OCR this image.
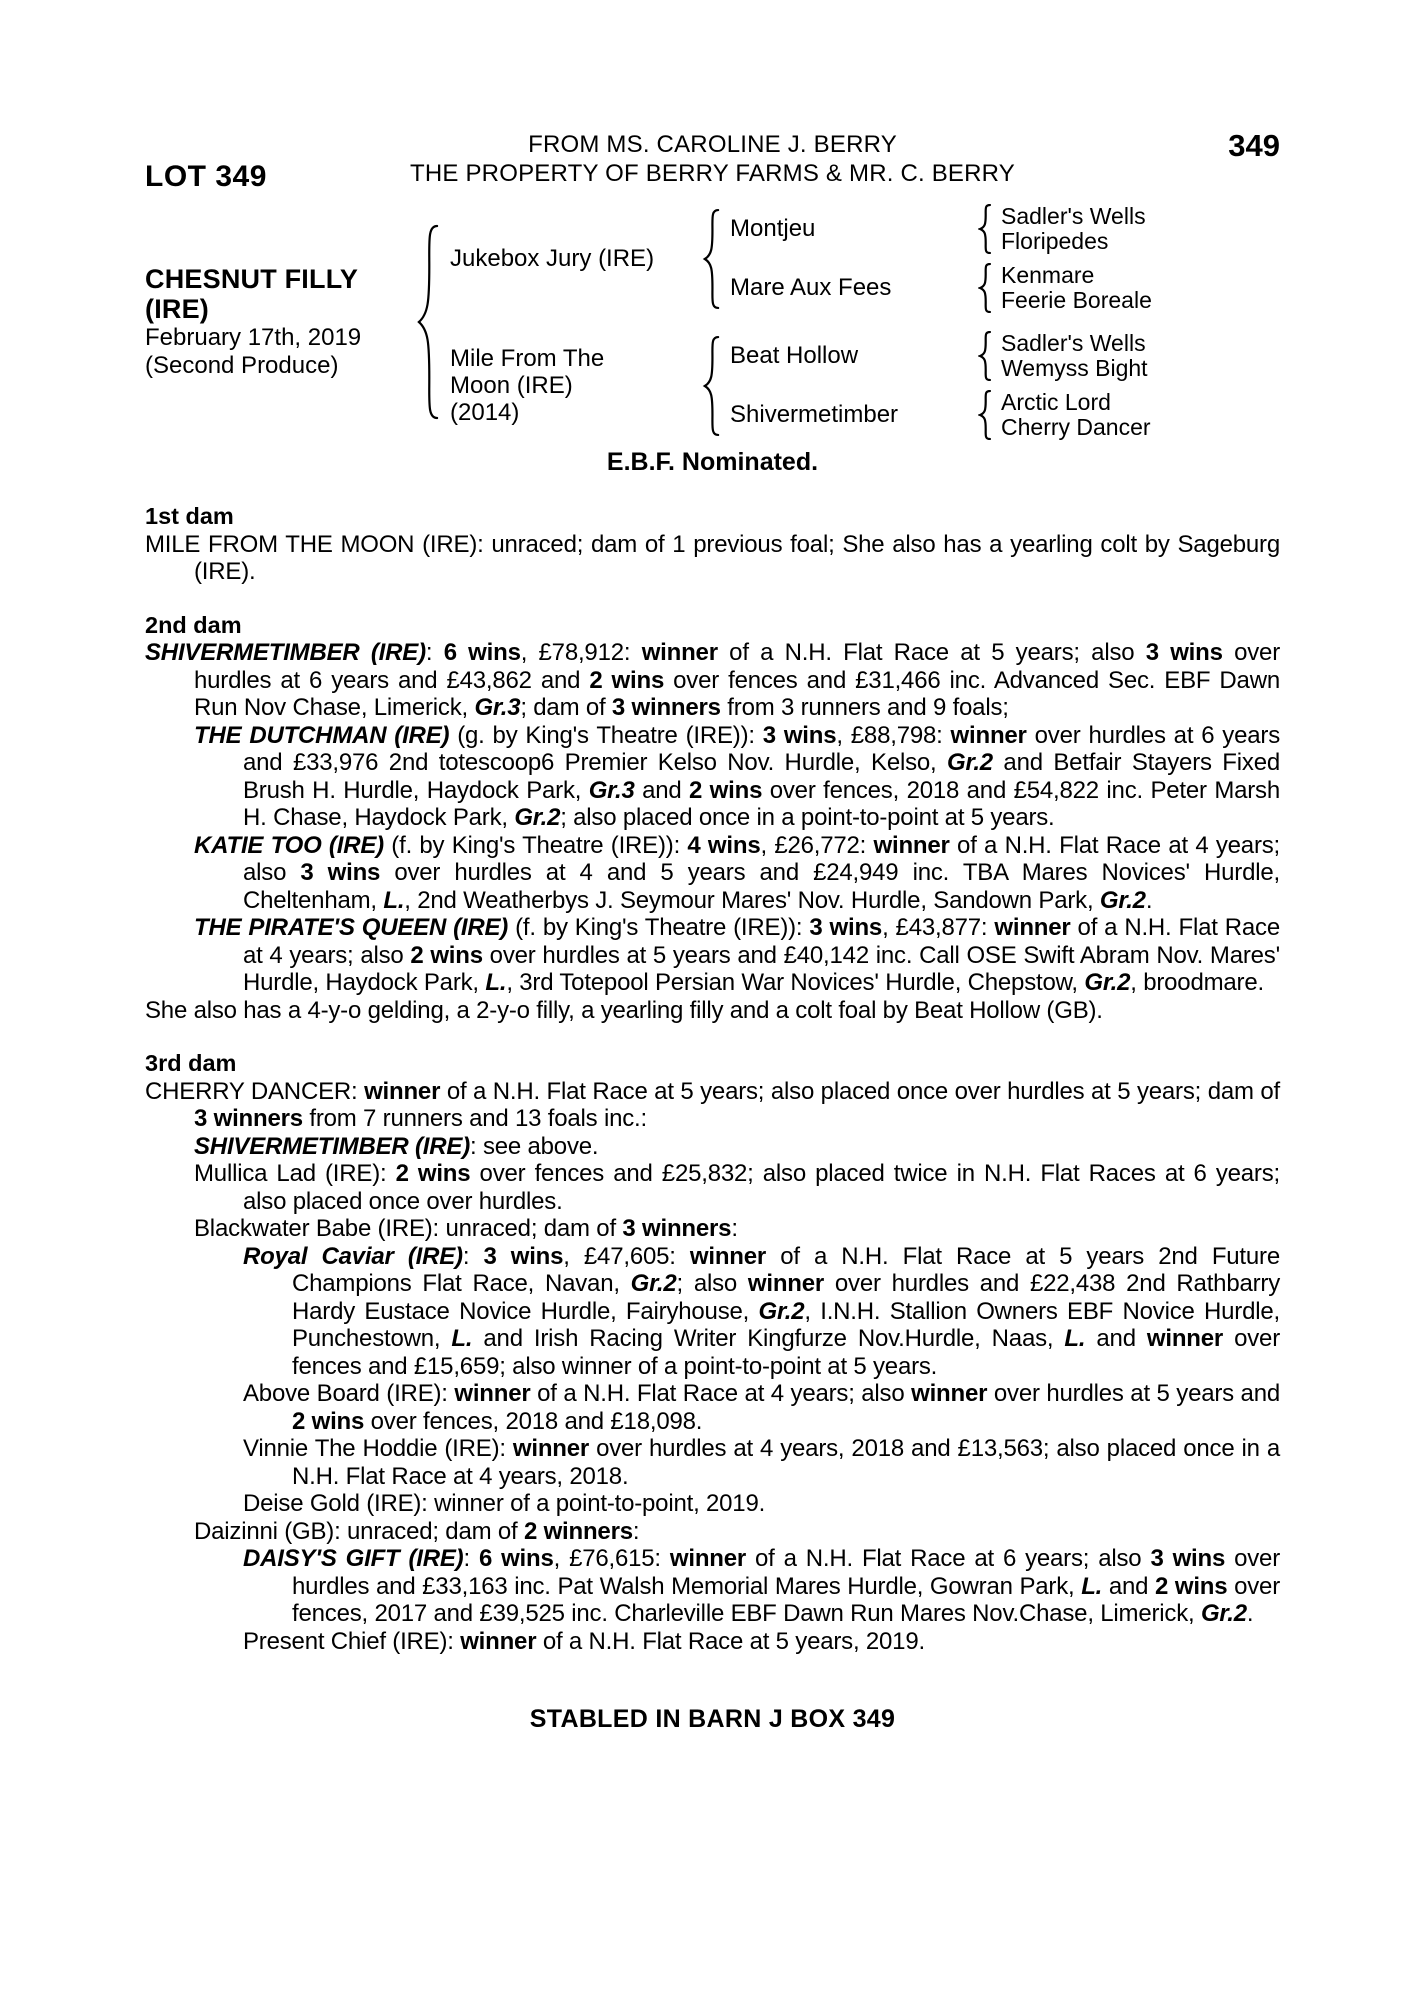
LOT 349
FROM MS. CAROLINE J. BERRY
THE PROPERTY OF BERRY FARMS & MR. C. BERRY
349
CHESNUT FILLY
(IRE)
February 17th, 2019
(Second Produce)
Jukebox Jury (IRE)
Montjeu	Sadler's Wells
Floripedes
Mare Aux Fees	Kenmare
Feerie Boreale
Mile From The
Moon (IRE)
(2014)
Beat Hollow	Sadler's Wells
Wemyss Bight
Shivermetimber	Arctic Lord
Cherry Dancer
E.B.F. Nominated.
1st dam

MILE FROM THE MOON (IRE): unraced; dam of 1 previous foal; She also has a yearling colt by Sageburg (IRE).

2nd dam

SHIVERMETIMBER (IRE): 6 wins, £78,912: winner of a N.H. Flat Race at 5 years; also 3 wins over hurdles at 6 years and £43,862 and 2 wins over fences and £31,466 inc. Advanced Sec. EBF Dawn Run Nov Chase, Limerick, Gr.3; dam of 3 winners from 3 runners and 9 foals;

THE DUTCHMAN (IRE) (g. by King's Theatre (IRE)): 3 wins, £88,798: winner over hurdles at 6 years and £33,976 2nd totescoop6 Premier Kelso Nov. Hurdle, Kelso, Gr.2 and Betfair Stayers Fixed Brush H. Hurdle, Haydock Park, Gr.3 and 2 wins over fences, 2018 and £54,822 inc. Peter Marsh H. Chase, Haydock Park, Gr.2; also placed once in a point-to-point at 5 years.

KATIE TOO (IRE) (f. by King's Theatre (IRE)): 4 wins, £26,772: winner of a N.H. Flat Race at 4 years; also 3 wins over hurdles at 4 and 5 years and £24,949 inc. TBA Mares Novices' Hurdle, Cheltenham, L., 2nd Weatherbys J. Seymour Mares' Nov. Hurdle, Sandown Park, Gr.2.

THE PIRATE'S QUEEN (IRE) (f. by King's Theatre (IRE)): 3 wins, £43,877: winner of a N.H. Flat Race at 4 years; also 2 wins over hurdles at 5 years and £40,142 inc. Call OSE Swift Abram Nov. Mares' Hurdle, Haydock Park, L., 3rd Totepool Persian War Novices' Hurdle, Chepstow, Gr.2, broodmare.

She also has a 4-y-o gelding, a 2-y-o filly, a yearling filly and a colt foal by Beat Hollow (GB).

3rd dam

CHERRY DANCER: winner of a N.H. Flat Race at 5 years; also placed once over hurdles at 5 years; dam of 3 winners from 7 runners and 13 foals inc.:

SHIVERMETIMBER (IRE): see above.

Mullica Lad (IRE): 2 wins over fences and £25,832; also placed twice in N.H. Flat Races at 6 years; also placed once over hurdles.

Blackwater Babe (IRE): unraced; dam of 3 winners:

Royal Caviar (IRE): 3 wins, £47,605: winner of a N.H. Flat Race at 5 years 2nd Future Champions Flat Race, Navan, Gr.2; also winner over hurdles and £22,438 2nd Rathbarry Hardy Eustace Novice Hurdle, Fairyhouse, Gr.2, I.N.H. Stallion Owners EBF Novice Hurdle, Punchestown, L. and Irish Racing Writer Kingfurze Nov.Hurdle, Naas, L. and winner over fences and £15,659; also winner of a point-to-point at 5 years.

Above Board (IRE): winner of a N.H. Flat Race at 4 years; also winner over hurdles at 5 years and 2 wins over fences, 2018 and £18,098.

Vinnie The Hoddie (IRE): winner over hurdles at 4 years, 2018 and £13,563; also placed once in a N.H. Flat Race at 4 years, 2018.

Deise Gold (IRE): winner of a point-to-point, 2019.

Daizinni (GB): unraced; dam of 2 winners:

DAISY'S GIFT (IRE): 6 wins, £76,615: winner of a N.H. Flat Race at 6 years; also 3 wins over hurdles and £33,163 inc. Pat Walsh Memorial Mares Hurdle, Gowran Park, L. and 2 wins over fences, 2017 and £39,525 inc. Charleville EBF Dawn Run Mares Nov.Chase, Limerick, Gr.2.

Present Chief (IRE): winner of a N.H. Flat Race at 5 years, 2019.

STABLED IN BARN J BOX 349
